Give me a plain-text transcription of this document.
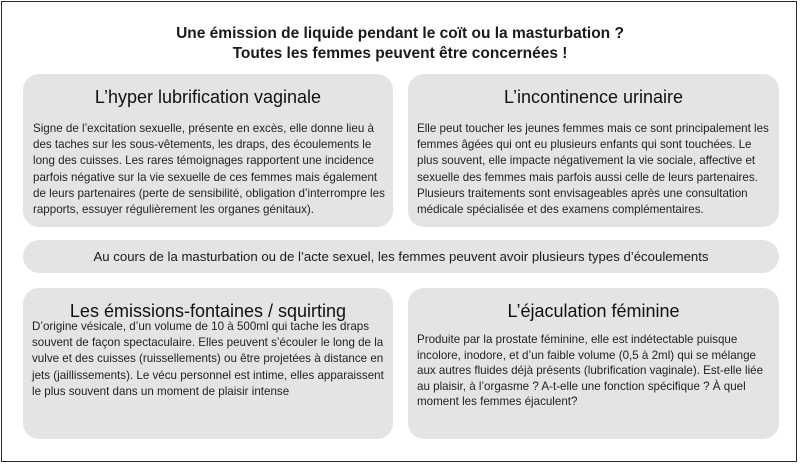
Une émission de liquide pendant le coït ou la masturbation ?
Toutes les femmes peuvent être concernées !
L’hyper lubrification vaginale

Signe de l’excitation sexuelle, présente en excès, elle donne lieu à des taches sur les sous-vêtements, les draps, des écoulements le long des cuisses. Les rares témoignages rapportent une incidence parfois négative sur la vie sexuelle de ces femmes mais également de leurs partenaires (perte de sensibilité, obligation d’interrompre les rapports, essuyer régulièrement les organes génitaux).

L’incontinence urinaire

Elle peut toucher les jeunes femmes mais ce sont principalement les femmes âgées qui ont eu plusieurs enfants qui sont touchées. Le plus souvent, elle impacte négativement la vie sociale, affective et sexuelle des femmes mais parfois aussi celle de leurs partenaires. Plusieurs traitements sont envisageables après une consultation médicale spécialisée et des examens complémentaires.

Au cours de la masturbation ou de l’acte sexuel, les femmes peuvent avoir plusieurs types d’écoulements
Les émissions-fontaines / squirting

D’origine vésicale, d’un volume de 10 à 500ml qui tache les draps souvent de façon spectaculaire. Elles peuvent s’écouler le long de la vulve et des cuisses (ruissellements) ou être projetées à distance en jets (jaillissements). Le vécu personnel est intime, elles apparaissent le plus souvent dans un moment de plaisir intense

L’éjaculation féminine

Produite par la prostate féminine, elle est indétectable puisque incolore, inodore, et d’un faible volume (0,5 à 2ml) qui se mélange aux autres fluides déjà présents (lubrification vaginale). Est-elle liée au plaisir, à l’orgasme ? A-t-elle une fonction spécifique ? À quel moment les femmes éjaculent?
